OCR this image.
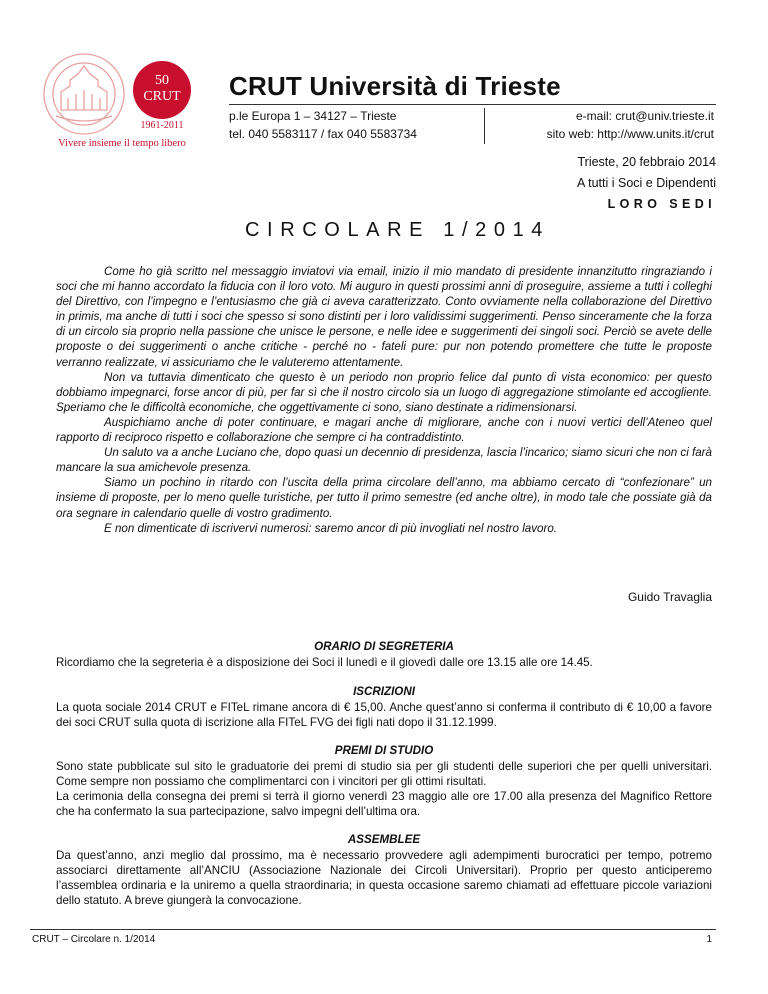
50
CRUT
1961-2011
Vivere insieme il tempo libero
CRUT Università di Trieste
p.le Europa 1 – 34127 – Trieste
tel. 040 5583117 / fax 040 5583734
e-mail: crut@univ.trieste.it
sito web: http://www.units.it/crut
Trieste, 20 febbraio 2014
A tutti i Soci e Dipendenti
LORO SEDI
CIRCOLARE 1/2014

Come ho già scritto nel messaggio inviatovi via email, inizio il mio mandato di presidente innanzitutto ringraziando i soci che mi hanno accordato la fiducia con il loro voto. Mi auguro in questi prossimi anni di proseguire, assieme a tutti i colleghi del Direttivo, con l’impegno e l’entusiasmo che già ci aveva caratterizzato. Conto ovviamente nella collaborazione del Direttivo in primis, ma anche di tutti i soci che spesso si sono distinti per i loro validissimi suggerimenti. Penso sinceramente che la forza di un circolo sia proprio nella passione che unisce le persone, e nelle idee e suggerimenti dei singoli soci. Perciò se avete delle proposte o dei suggerimenti o anche critiche - perché no - fateli pure: pur non potendo promettere che tutte le proposte verranno realizzate, vi assicuriamo che le valuteremo attentamente.

Non va tuttavia dimenticato che questo è un periodo non proprio felice dal punto di vista economico: per questo dobbiamo impegnarci, forse ancor di più, per far sì che il nostro circolo sia un luogo di aggregazione stimolante ed accogliente. Speriamo che le difficoltà economiche, che oggettivamente ci sono, siano destinate a ridimensionarsi.

Auspichiamo anche di poter continuare, e magari anche di migliorare, anche con i nuovi vertici dell’Ateneo quel rapporto di reciproco rispetto e collaborazione che sempre ci ha contraddistinto.

Un saluto va a anche Luciano che, dopo quasi un decennio di presidenza, lascia l’incarico; siamo sicuri che non ci farà mancare la sua amichevole presenza.

Siamo un pochino in ritardo con l’uscita della prima circolare dell’anno, ma abbiamo cercato di “confezionare” un insieme di proposte, per lo meno quelle turistiche, per tutto il primo semestre (ed anche oltre), in modo tale che possiate già da ora segnare in calendario quelle di vostro gradimento.

E non dimenticate di iscrivervi numerosi: saremo ancor di più invogliati nel nostro lavoro.

Guido Travaglia
ORARIO DI SEGRETERIA

Ricordiamo che la segreteria è a disposizione dei Soci il lunedì e il giovedì dalle ore 13.15 alle ore 14.45.

ISCRIZIONI

La quota sociale 2014 CRUT e FITeL rimane ancora di € 15,00. Anche quest’anno si conferma il contributo di € 10,00 a favore dei soci CRUT sulla quota di iscrizione alla FITeL FVG dei figli nati dopo il 31.12.1999.

PREMI DI STUDIO

Sono state pubblicate sul sito le graduatorie dei premi di studio sia per gli studenti delle superiori che per quelli universitari. Come sempre non possiamo che complimentarci con i vincitori per gli ottimi risultati.

La cerimonia della consegna dei premi si terrà il giorno venerdì 23 maggio alle ore 17.00 alla presenza del Magnifico Rettore che ha confermato la sua partecipazione, salvo impegni dell’ultima ora.

ASSEMBLEE

Da quest’anno, anzi meglio dal prossimo, ma è necessario provvedere agli adempimenti burocratici per tempo, potremo associarci direttamente all’ANCIU (Associazione Nazionale dei Circoli Universitari). Proprio per questo anticiperemo l’assemblea ordinaria e la uniremo a quella straordinaria; in questa occasione saremo chiamati ad effettuare piccole variazioni dello statuto. A breve giungerà la convocazione.

CRUT – Circolare n. 1/2014	1
